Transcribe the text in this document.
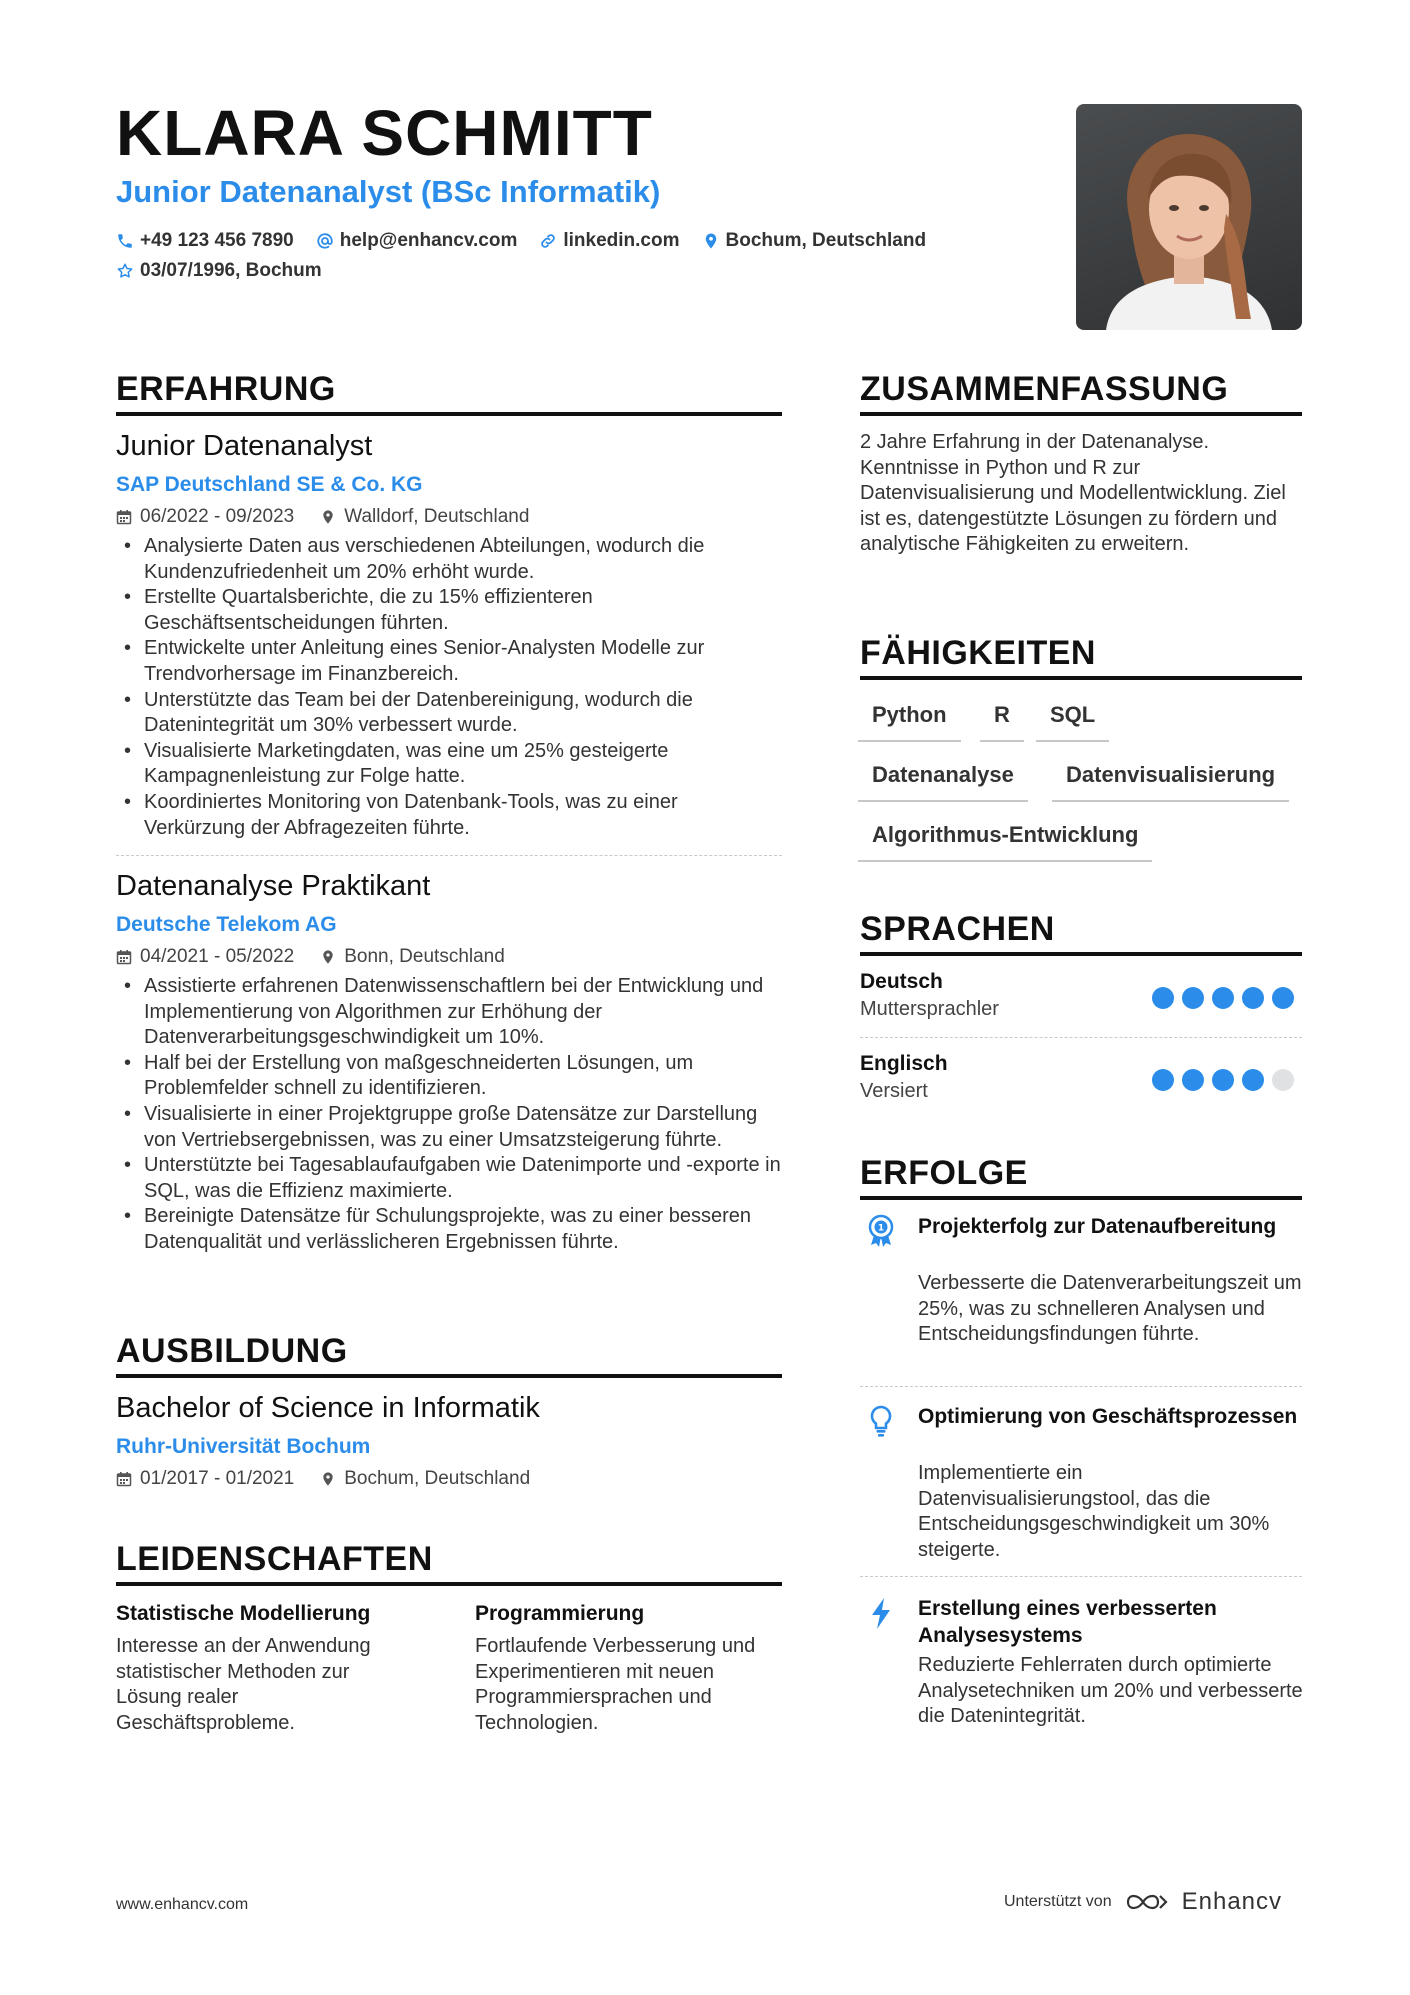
KLARA SCHMITT
Junior Datenanalyst (BSc Informatik)
+49 123 456 7890 help@enhancv.com linkedin.com Bochum, Deutschland
03/07/1996, Bochum
ERFAHRUNG
Junior Datenanalyst
SAP Deutschland SE & Co. KG
06/2022 - 09/2023	Walldorf, Deutschland
• Analysierte Daten aus verschiedenen Abteilungen, wodurch die Kundenzufriedenheit um 20% erhöht wurde.
• Erstellte Quartalsberichte, die zu 15% effizienteren Geschäftsentscheidungen führten.
• Entwickelte unter Anleitung eines Senior-Analysten Modelle zur Trendvorhersage im Finanzbereich.
• Unterstützte das Team bei der Datenbereinigung, wodurch die Datenintegrität um 30% verbessert wurde.
• Visualisierte Marketingdaten, was eine um 25% gesteigerte Kampagnenleistung zur Folge hatte.
• Koordiniertes Monitoring von Datenbank-Tools, was zu einer Verkürzung der Abfragezeiten führte.
Datenanalyse Praktikant
Deutsche Telekom AG
04/2021 - 05/2022	Bonn, Deutschland
• Assistierte erfahrenen Datenwissenschaftlern bei der Entwicklung und Implementierung von Algorithmen zur Erhöhung der Datenverarbeitungsgeschwindigkeit um 10%.
• Half bei der Erstellung von maßgeschneiderten Lösungen, um Problemfelder schnell zu identifizieren.
• Visualisierte in einer Projektgruppe große Datensätze zur Darstellung von Vertriebsergebnissen, was zu einer Umsatzsteigerung führte.
• Unterstützte bei Tagesablaufaufgaben wie Datenimporte und -exporte in SQL, was die Effizienz maximierte.
• Bereinigte Datensätze für Schulungsprojekte, was zu einer besseren Datenqualität und verlässlicheren Ergebnissen führte.
AUSBILDUNG
Bachelor of Science in Informatik
Ruhr-Universität Bochum
01/2017 - 01/2021	Bochum, Deutschland
LEIDENSCHAFTEN
Statistische Modellierung
Interesse an der Anwendung statistischer Methoden zur Lösung realer Geschäftsprobleme.
Programmierung
Fortlaufende Verbesserung und Experimentieren mit neuen Programmiersprachen und Technologien.
ZUSAMMENFASSUNG
2 Jahre Erfahrung in der Datenanalyse. Kenntnisse in Python und R zur Datenvisualisierung und Modellentwicklung. Ziel ist es, datengestützte Lösungen zu fördern und analytische Fähigkeiten zu erweitern.
FÄHIGKEITEN
Python	R	SQL
Datenanalyse	Datenvisualisierung
Algorithmus-Entwicklung
SPRACHEN
Deutsch
Muttersprachler
Englisch
Versiert
ERFOLGE
1 Projekterfolg zur Datenaufbereitung
Verbesserte die Datenverarbeitungszeit um 25%, was zu schnelleren Analysen und Entscheidungsfindungen führte.
Optimierung von Geschäftsprozessen
Implementierte ein Datenvisualisierungstool, das die Entscheidungsgeschwindigkeit um 30% steigerte.
Erstellung eines verbesserten Analysesystems
Reduzierte Fehlerraten durch optimierte Analysetechniken um 20% und verbesserte die Datenintegrität.
www.enhancv.com	Unterstützt von	Enhancv
